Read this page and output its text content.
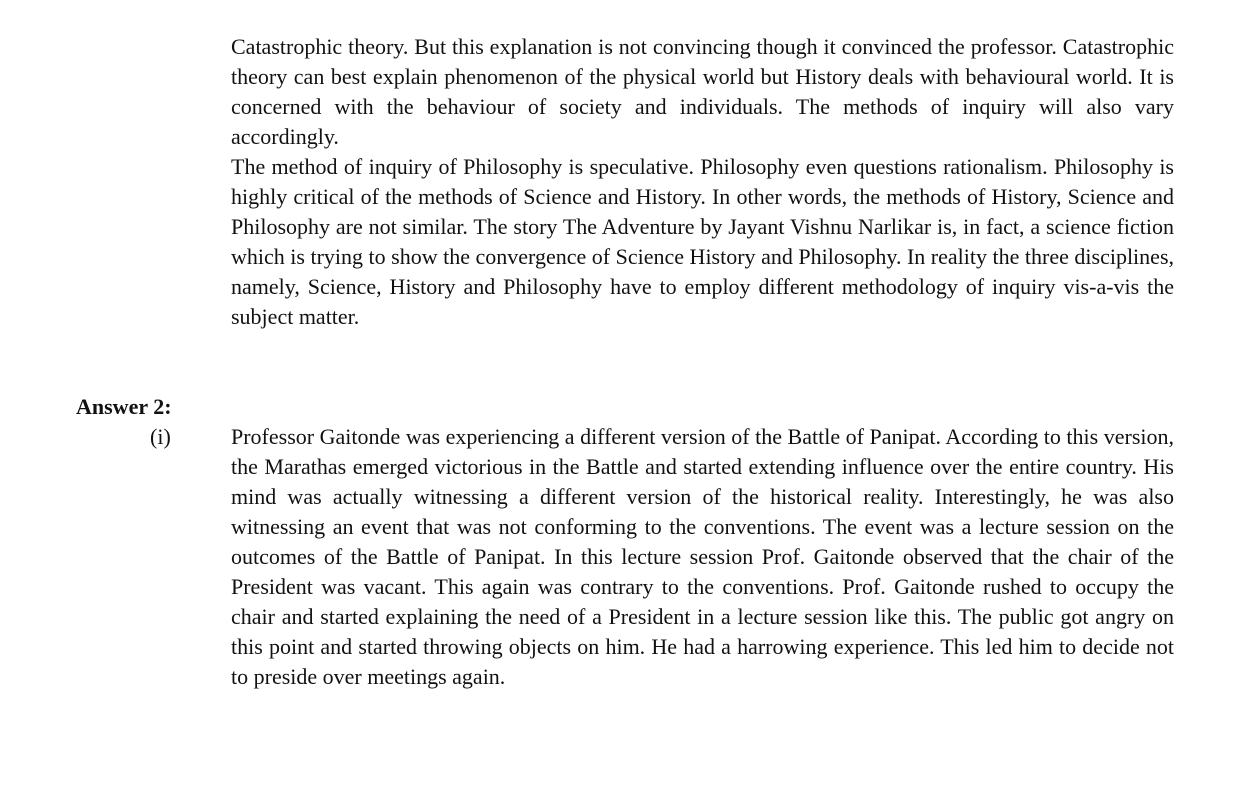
Catastrophic theory. But this explanation is not convincing though it convinced the professor. Catastrophic theory can best explain phenomenon of the physical world but History deals with behavioural world. It is concerned with the behaviour of society and individuals. The methods of inquiry will also vary accordingly.

The method of inquiry of Philosophy is speculative. Philosophy even questions rationalism. Philosophy is highly critical of the methods of Science and History. In other words, the methods of History, Science and Philosophy are not similar. The story The Adventure by Jayant Vishnu Narlikar is, in fact, a science fiction which is trying to show the convergence of Science History and Philosophy. In reality the three disciplines, namely, Science, History and Philosophy have to employ different methodology of inquiry vis-a-vis the subject matter.

Answer 2:
(i)	Professor Gaitonde was experiencing a different version of the Battle of Panipat. According to this version, the Marathas emerged victorious in the Battle and started extending influence over the entire country. His mind was actually witnessing a different version of the historical reality. Interestingly, he was also witnessing an event that was not conforming to the conventions. The event was a lecture session on the outcomes of the Battle of Panipat. In this lecture session Prof. Gaitonde observed that the chair of the President was vacant. This again was contrary to the conventions. Prof. Gaitonde rushed to occupy the chair and started explaining the need of a President in a lecture session like this. The public got angry on this point and started throwing objects on him. He had a harrowing experience. This led him to decide not to preside over meetings again.
